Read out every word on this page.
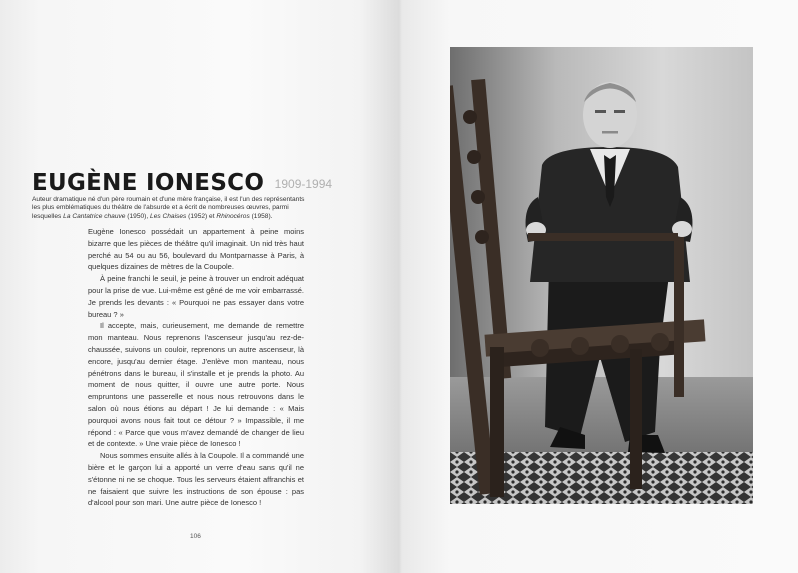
EUGÈNE IONESCO 1909-1994

Auteur dramatique né d'un père roumain et d'une mère française, il est l'un des représentants les plus emblématiques du théâtre de l'absurde et a écrit de nombreuses œuvres, parmi lesquelles La Cantatrice chauve (1950), Les Chaises (1952) et Rhinocéros (1958).

Eugène Ionesco possédait un appartement à peine moins bizarre que les pièces de théâtre qu'il imaginait. Un nid très haut perché au 54 ou au 56, boulevard du Montparnasse à Paris, à quelques dizaines de mètres de la Coupole.

À peine franchi le seuil, je peine à trouver un endroit adéquat pour la prise de vue. Lui-même est gêné de me voir embarrassé. Je prends les devants : « Pourquoi ne pas essayer dans votre bureau ? »

Il accepte, mais, curieusement, me demande de remettre mon manteau. Nous reprenons l'ascenseur jusqu'au rez-de-chaussée, suivons un couloir, reprenons un autre ascenseur, là encore, jusqu'au dernier étage. J'enlève mon manteau, nous pénétrons dans le bureau, il s'installe et je prends la photo. Au moment de nous quitter, il ouvre une autre porte. Nous empruntons une passerelle et nous nous retrouvons dans le salon où nous étions au départ ! Je lui demande : « Mais pourquoi avons nous fait tout ce détour ? » Impassible, il me répond : « Parce que vous m'avez demandé de changer de lieu et de contexte. » Une vraie pièce de Ionesco !

Nous sommes ensuite allés à la Coupole. Il a commandé une bière et le garçon lui a apporté un verre d'eau sans qu'il ne s'étonne ni ne se choque. Tous les serveurs étaient affranchis et ne faisaient que suivre les instructions de son épouse : pas d'alcool pour son mari. Une autre pièce de Ionesco !

106
